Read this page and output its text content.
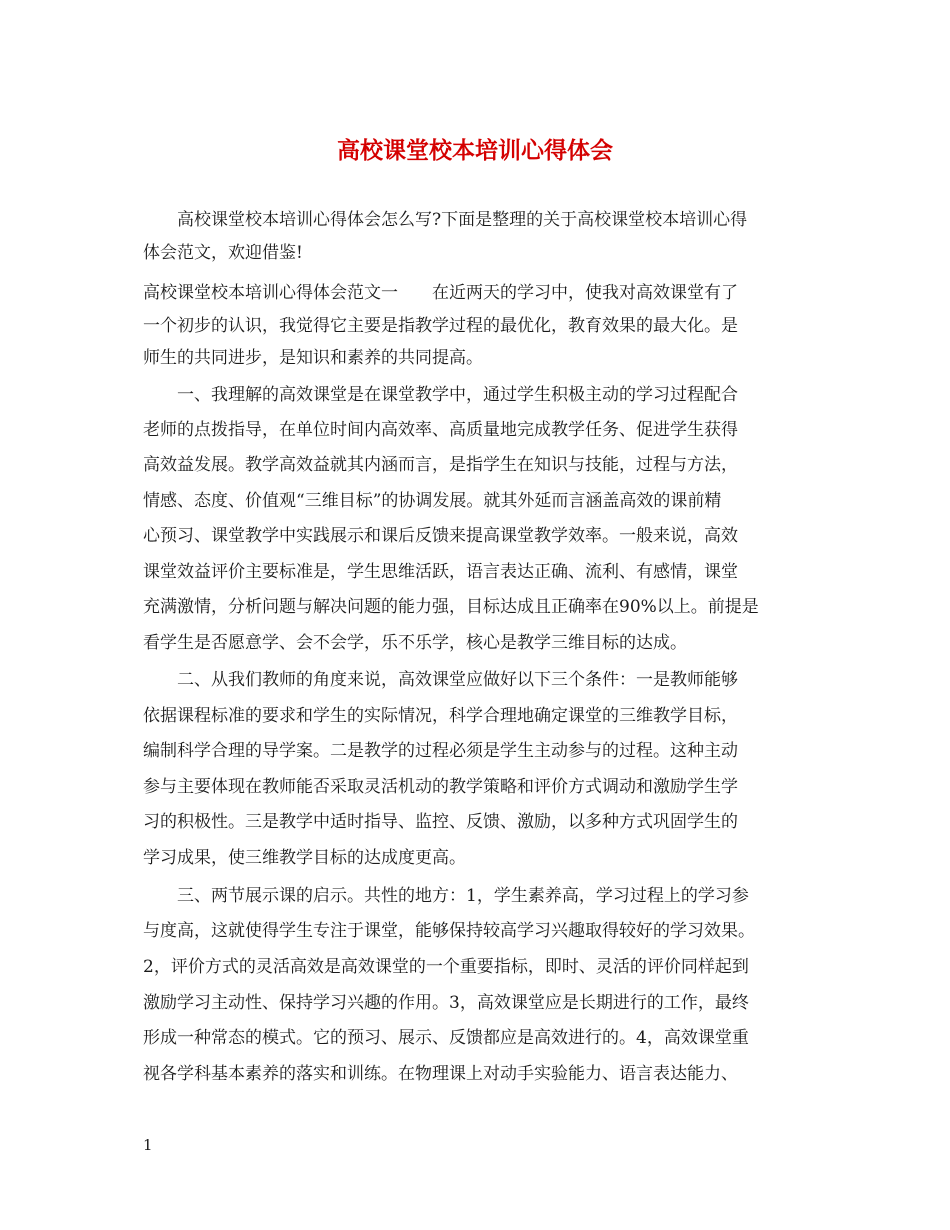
高校课堂校本培训心得体会
　　高校课堂校本培训心得体会怎么写?下面是整理的关于高校课堂校本培训心得
体会范文，欢迎借鉴!
高校课堂校本培训心得体会范文一　　在近两天的学习中，使我对高效课堂有了
一个初步的认识，我觉得它主要是指教学过程的最优化，教育效果的最大化。是
师生的共同进步，是知识和素养的共同提高。
　　一、我理解的高效课堂是在课堂教学中，通过学生积极主动的学习过程配合
老师的点拨指导，在单位时间内高效率、高质量地完成教学任务、促进学生获得
高效益发展。教学高效益就其内涵而言，是指学生在知识与技能，过程与方法，
情感、态度、价值观“三维目标”的协调发展。就其外延而言涵盖高效的课前精
心预习、课堂教学中实践展示和课后反馈来提高课堂教学效率。一般来说，高效
课堂效益评价主要标准是，学生思维活跃，语言表达正确、流利、有感情，课堂
充满激情，分析问题与解决问题的能力强，目标达成且正确率在90%以上。前提是
看学生是否愿意学、会不会学，乐不乐学，核心是教学三维目标的达成。
　　二、从我们教师的角度来说，高效课堂应做好以下三个条件：一是教师能够
依据课程标准的要求和学生的实际情况，科学合理地确定课堂的三维教学目标，
编制科学合理的导学案。二是教学的过程必须是学生主动参与的过程。这种主动
参与主要体现在教师能否采取灵活机动的教学策略和评价方式调动和激励学生学
习的积极性。三是教学中适时指导、监控、反馈、激励，以多种方式巩固学生的
学习成果，使三维教学目标的达成度更高。
　　三、两节展示课的启示。共性的地方：1，学生素养高，学习过程上的学习参
与度高，这就使得学生专注于课堂，能够保持较高学习兴趣取得较好的学习效果。
2，评价方式的灵活高效是高效课堂的一个重要指标，即时、灵活的评价同样起到
激励学习主动性、保持学习兴趣的作用。3，高效课堂应是长期进行的工作，最终
形成一种常态的模式。它的预习、展示、反馈都应是高效进行的。4，高效课堂重
视各学科基本素养的落实和训练。在物理课上对动手实验能力、语言表达能力、
1
